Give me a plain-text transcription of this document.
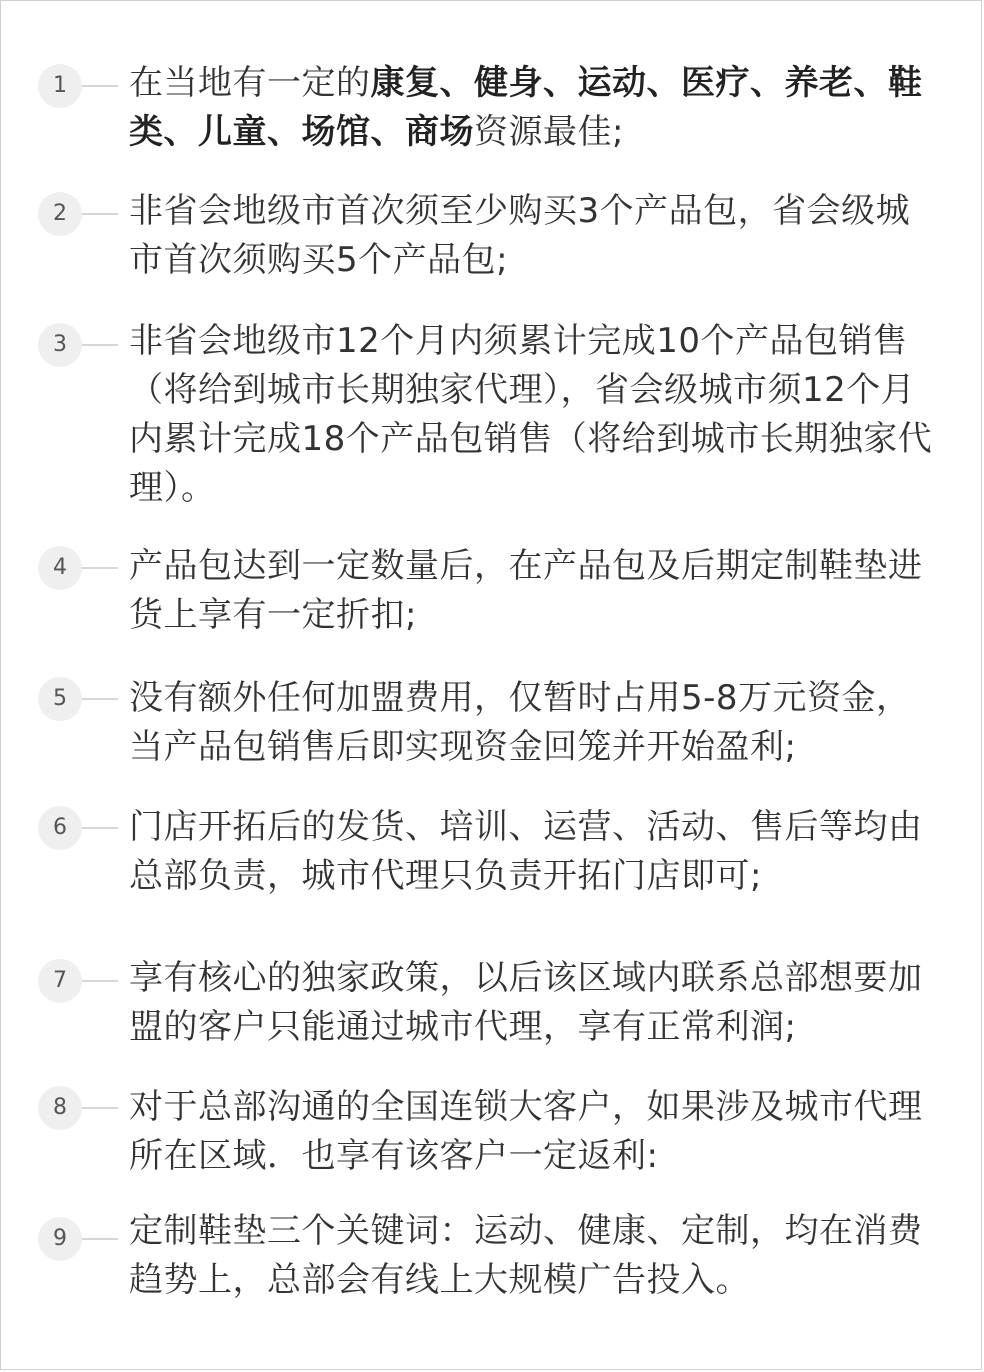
1	在当地有一定的康复、健身、运动、医疗、养老、鞋类、儿童、场馆、商场资源最佳;

2	非省会地级市首次须至少购买3个产品包，省会级城市首次须购买5个产品包;

3	非省会地级市12个月内须累计完成10个产品包销售（将给到城市长期独家代理），省会级城市须12个月内累计完成18个产品包销售（将给到城市长期独家代理）。

4	产品包达到一定数量后，在产品包及后期定制鞋垫进货上享有一定折扣;

5	没有额外任何加盟费用，仅暂时占用5-8万元资金，当产品包销售后即实现资金回笼并开始盈利;

6	门店开拓后的发货、培训、运营、活动、售后等均由总部负责，城市代理只负责开拓门店即可;

7	享有核心的独家政策，以后该区域内联系总部想要加盟的客户只能通过城市代理，享有正常利润;

8	对于总部沟通的全国连锁大客户，如果涉及城市代理所在区域．也享有该客户一定返利:

9	定制鞋垫三个关键词：运动、健康、定制，均在消费趋势上，总部会有线上大规模广告投入。
